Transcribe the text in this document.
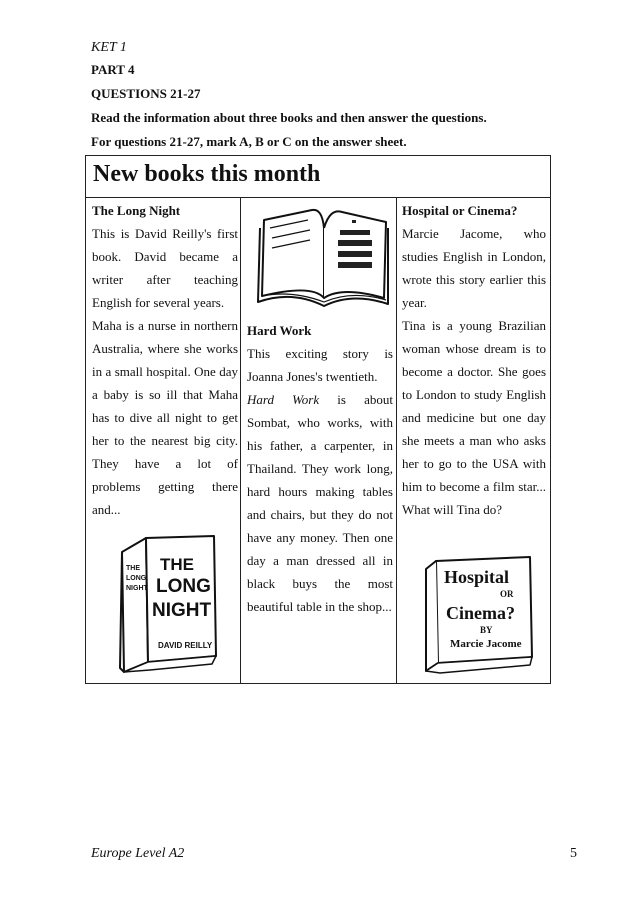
KET 1
PART 4
QUESTIONS 21-27
Read the information about three books and then answer the questions.
For questions 21-27, mark A, B or C on the answer sheet.
New books this month

The Long Night

This is David Reilly's first book. David became a writer after teaching English for several years.

Maha is a nurse in northern Australia, where she works in a small hospital. One day a baby is so ill that Maha has to dive all night to get her to the nearest big city. They have a lot of problems getting there and...

Hard Work

This exciting story is Joanna Jones's twentieth.

Hard Work is about Sombat, who works, with his father, a carpenter, in Thailand. They work long, hard hours making tables and chairs, but they do not have any money. Then one day a man dressed all in black buys the most beautiful table in the shop...

Hospital or Cinema?

Marcie Jacome, who studies English in London, wrote this story earlier this year.

Tina is a young Brazilian woman whose dream is to become a doctor. She goes to London to study English and medicine but one day she meets a man who asks her to go to the USA with him to become a film star... What will Tina do?

THE
LONG
NIGHT
THE
LONG
NIGHT
DAVID REILLY
Hospital
OR
Cinema?
BY
Marcie Jacome
Europe Level A2	5
